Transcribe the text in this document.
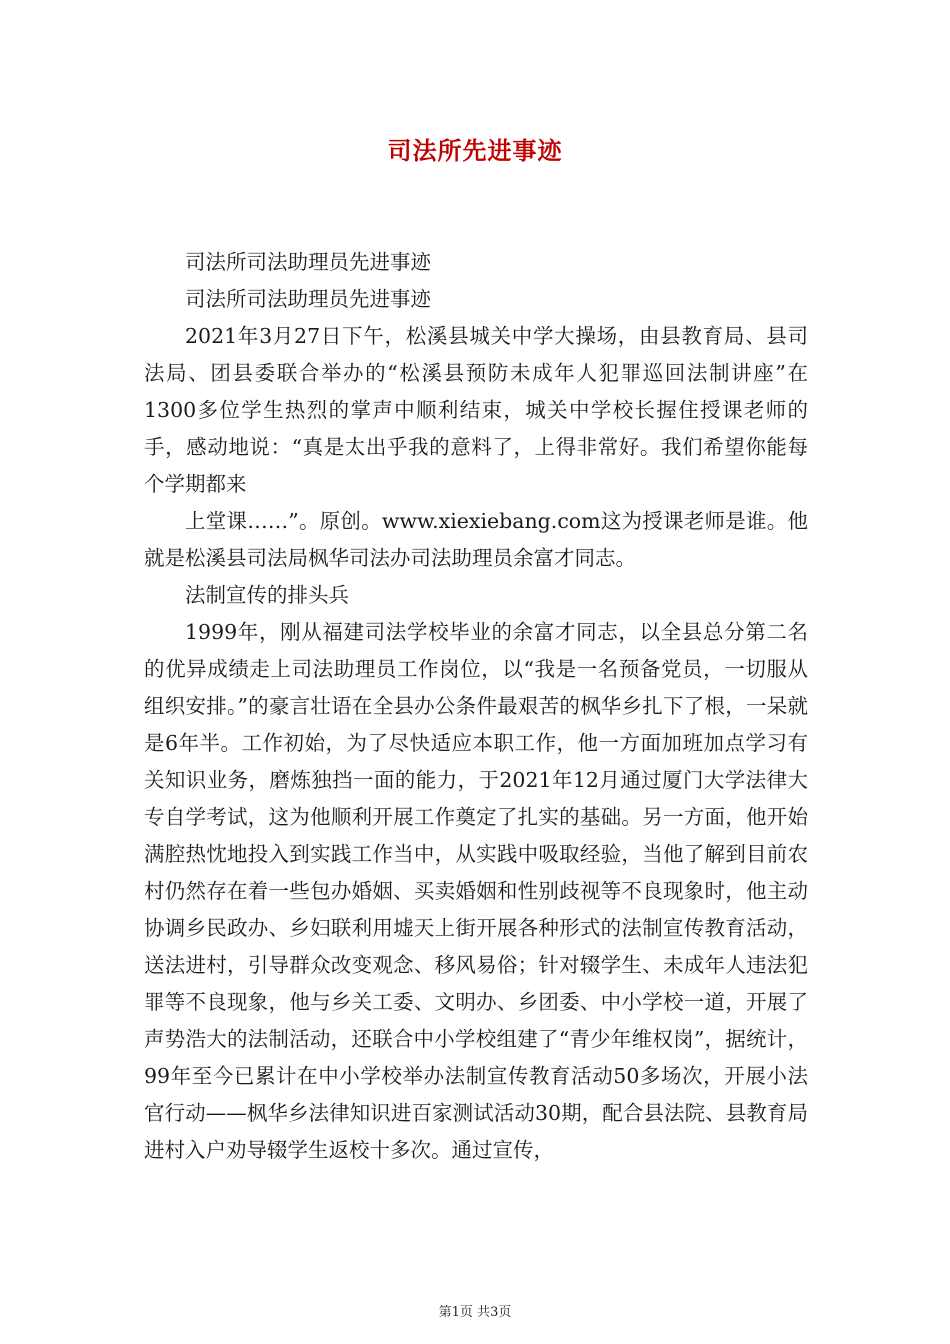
司法所先进事迹

司法所司法助理员先进事迹

司法所司法助理员先进事迹

2021年3月27日下午，松溪县城关中学大操场，由县教育局、县司法局、团县委联合举办的“松溪县预防未成年人犯罪巡回法制讲座”在1300多位学生热烈的掌声中顺利结束，城关中学校长握住授课老师的手，感动地说：“真是太出乎我的意料了，上得非常好。我们希望你能每个学期都来

上堂课……”。原创。www.xiexiebang.com这为授课老师是谁。他就是松溪县司法局枫华司法办司法助理员余富才同志。

法制宣传的排头兵

1999年，刚从福建司法学校毕业的余富才同志，以全县总分第二名的优异成绩走上司法助理员工作岗位，以“我是一名预备党员，一切服从组织安排。”的豪言壮语在全县办公条件最艰苦的枫华乡扎下了根，一呆就是6年半。工作初始，为了尽快适应本职工作，他一方面加班加点学习有关知识业务，磨炼独挡一面的能力，于2021年12月通过厦门大学法律大专自学考试，这为他顺利开展工作奠定了扎实的基础。另一方面，他开始满腔热忱地投入到实践工作当中，从实践中吸取经验，当他了解到目前农村仍然存在着一些包办婚姻、买卖婚姻和性别歧视等不良现象时，他主动协调乡民政办、乡妇联利用墟天上街开展各种形式的法制宣传教育活动，送法进村，引导群众改变观念、移风易俗；针对辍学生、未成年人违法犯罪等不良现象，他与乡关工委、文明办、乡团委、中小学校一道，开展了声势浩大的法制活动，还联合中小学校组建了“青少年维权岗”，据统计，99年至今已累计在中小学校举办法制宣传教育活动50多场次，开展小法官行动——枫华乡法律知识进百家测试活动30期，配合县法院、县教育局进村入户劝导辍学生返校十多次。通过宣传，

第1页 共3页
